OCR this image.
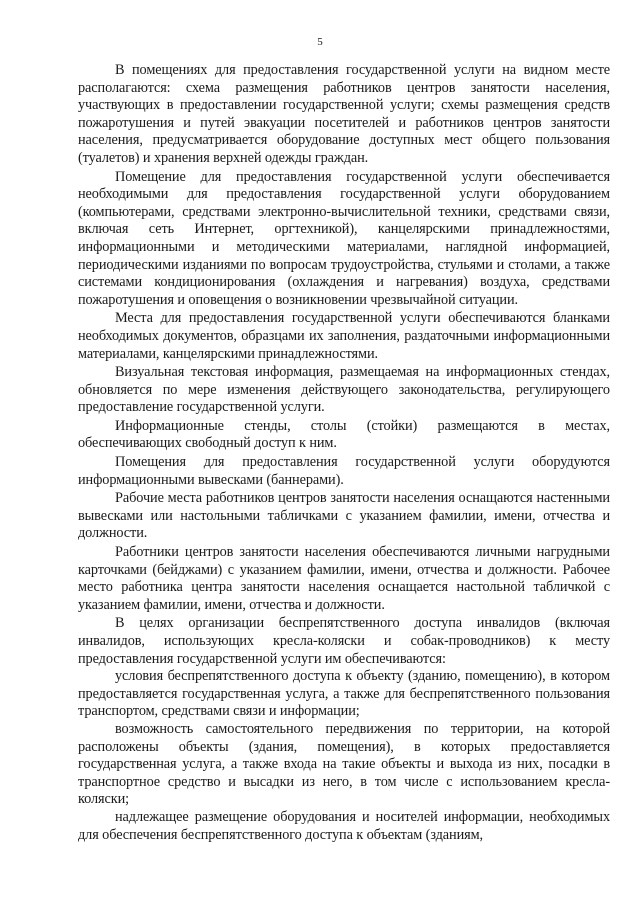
5

В помещениях для предоставления государственной услуги на видном месте располагаются: схема размещения работников центров занятости населения, участвующих в предоставлении государственной услуги; схемы размещения средств пожаротушения и путей эвакуации посетителей и работников центров занятости населения, предусматривается оборудование доступных мест общего пользования (туалетов) и хранения верхней одежды граждан.

Помещение для предоставления государственной услуги обеспечивается необходимыми для предоставления государственной услуги оборудованием (компьютерами, средствами электронно-вычислительной техники, средствами связи, включая сеть Интернет, оргтехникой), канцелярскими принадлежностями, информационными и методическими материалами, наглядной информацией, периодическими изданиями по вопросам трудоустройства, стульями и столами, а также системами кондиционирования (охлаждения и нагревания) воздуха, средствами пожаротушения и оповещения о возникновении чрезвычайной ситуации.

Места для предоставления государственной услуги обеспечиваются бланками необходимых документов, образцами их заполнения, раздаточными информационными материалами, канцелярскими принадлежностями.

Визуальная текстовая информация, размещаемая на информационных стендах, обновляется по мере изменения действующего законодательства, регулирующего предоставление государственной услуги.

Информационные стенды, столы (стойки) размещаются в местах, обеспечивающих свободный доступ к ним.

Помещения для предоставления государственной услуги оборудуются информационными вывесками (баннерами).

Рабочие места работников центров занятости населения оснащаются настенными вывесками или настольными табличками с указанием фамилии, имени, отчества и должности.

Работники центров занятости населения обеспечиваются личными нагрудными карточками (бейджами) с указанием фамилии, имени, отчества и должности. Рабочее место работника центра занятости населения оснащается настольной табличкой с указанием фамилии, имени, отчества и должности.

В целях организации беспрепятственного доступа инвалидов (включая инвалидов, использующих кресла-коляски и собак-проводников) к месту предоставления государственной услуги им обеспечиваются:

условия беспрепятственного доступа к объекту (зданию, помещению), в котором предоставляется государственная услуга, а также для беспрепятственного пользования транспортом, средствами связи и информации;

возможность самостоятельного передвижения по территории, на которой расположены объекты (здания, помещения), в которых предоставляется государственная услуга, а также входа на такие объекты и выхода из них, посадки в транспортное средство и высадки из него, в том числе с использованием кресла-коляски;

надлежащее размещение оборудования и носителей информации, необходимых для обеспечения беспрепятственного доступа к объектам (зданиям,
